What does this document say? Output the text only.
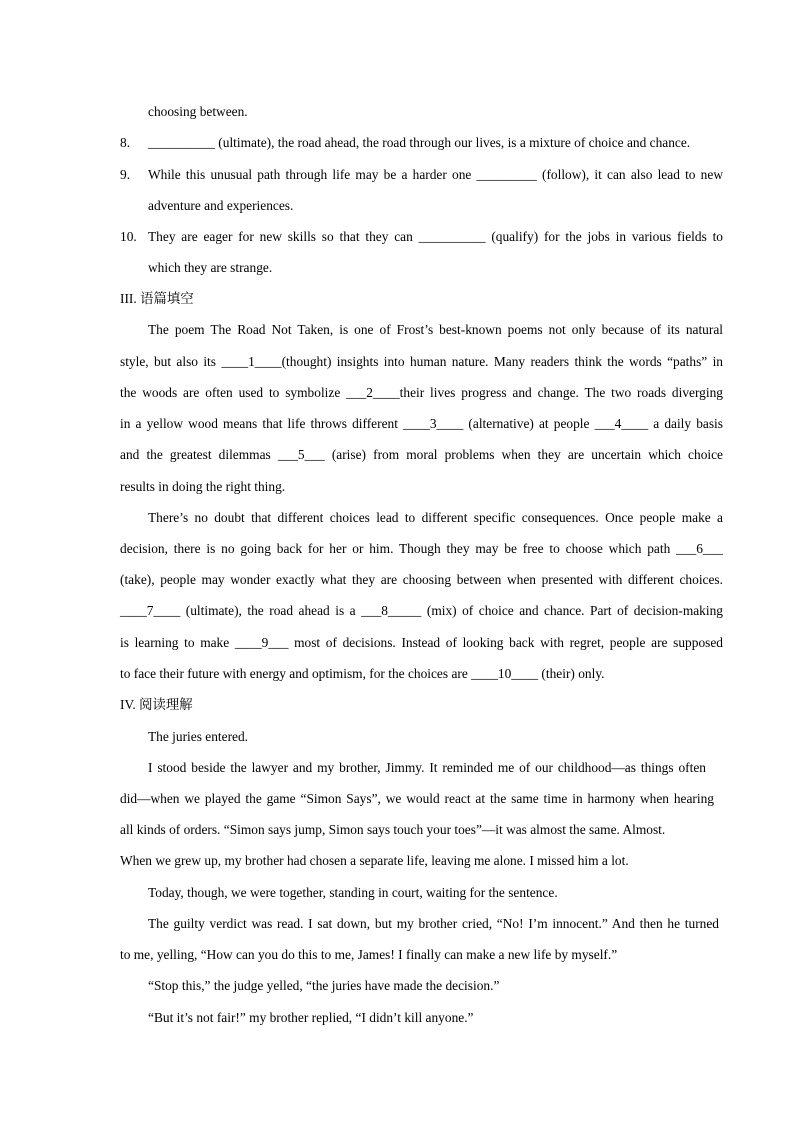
choosing between.
8. __________ (ultimate), the road ahead, the road through our lives, is a mixture of choice and chance.
9. While this unusual path through life may be a harder one _________ (follow), it can also lead to new
adventure and experiences.
10. They are eager for new skills so that they can __________ (qualify) for the jobs in various fields to
which they are strange.
III. 语篇填空
The poem The Road Not Taken, is one of Frost’s best-known poems not only because of its natural
style, but also its ____1____(thought) insights into human nature. Many readers think the words “paths” in
the woods are often used to symbolize ___2____their lives progress and change. The two roads diverging
in a yellow wood means that life throws different ____3____ (alternative) at people ___4____ a daily basis
and the greatest dilemmas ___5___ (arise) from moral problems when they are uncertain which choice
results in doing the right thing.
There’s no doubt that different choices lead to different specific consequences. Once people make a
decision, there is no going back for her or him. Though they may be free to choose which path ___6___
(take), people may wonder exactly what they are choosing between when presented with different choices.
____7____ (ultimate), the road ahead is a ___8_____ (mix) of choice and chance. Part of decision-making
is learning to make ____9___ most of decisions. Instead of looking back with regret, people are supposed
to face their future with energy and optimism, for the choices are ____10____ (their) only.
IV. 阅读理解
The juries entered.
I stood beside the lawyer and my brother, Jimmy. It reminded me of our childhood—as things often
did—when we played the game “Simon Says”, we would react at the same time in harmony when hearing
all kinds of orders. “Simon says jump, Simon says touch your toes”—it was almost the same. Almost.
When we grew up, my brother had chosen a separate life, leaving me alone. I missed him a lot.
Today, though, we were together, standing in court, waiting for the sentence.
The guilty verdict was read. I sat down, but my brother cried, “No! I’m innocent.” And then he turned
to me, yelling, “How can you do this to me, James! I finally can make a new life by myself.”
“Stop this,” the judge yelled, “the juries have made the decision.”
“But it’s not fair!” my brother replied, “I didn’t kill anyone.”
